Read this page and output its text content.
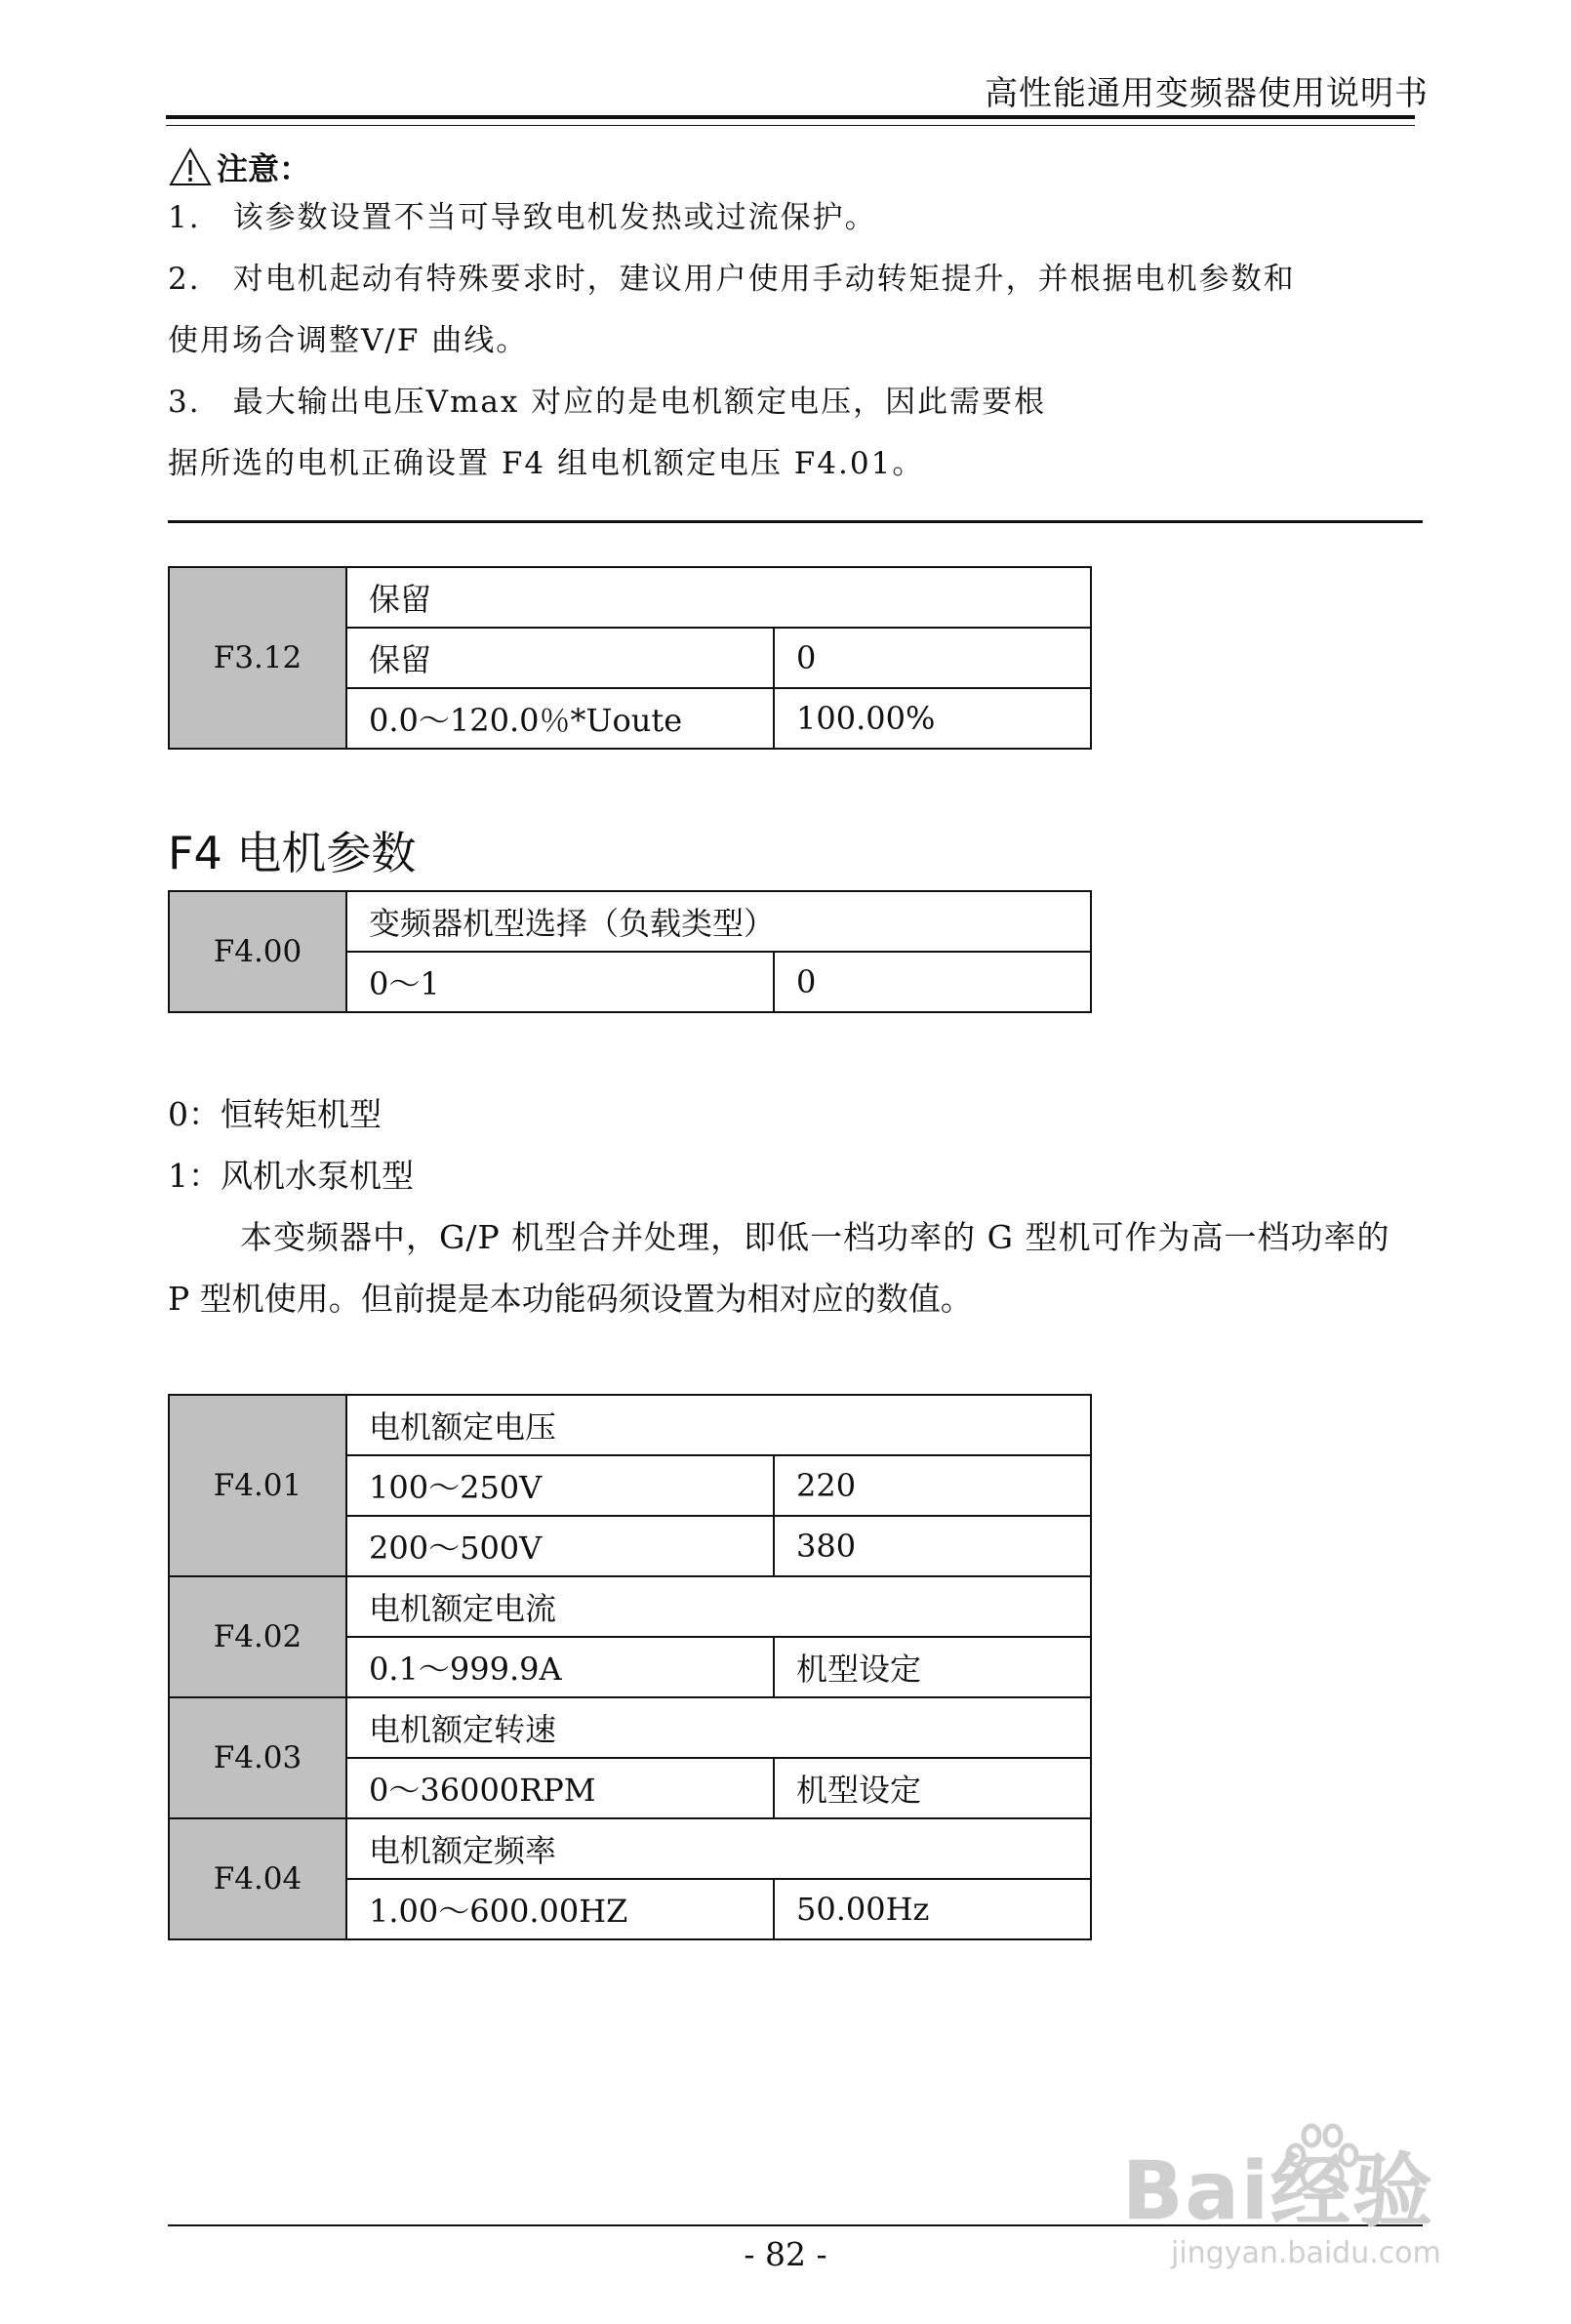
高性能通用变频器使用说明书
注意：
1.　该参数设置不当可导致电机发热或过流保护。
2.　对电机起动有特殊要求时，建议用户使用手动转矩提升，并根据电机参数和
使用场合调整V/F 曲线。
3.　最大输出电压Vmax 对应的是电机额定电压，因此需要根
据所选的电机正确设置 F4 组电机额定电压 F4.01。
F3.12	保留	
	保留	0
	0.0～120.0％*Uoute	100.00%
F4 电机参数
F4.00	变频器机型选择（负载类型）	
	0～1	0
0：恒转矩机型
1：风机水泵机型
本变频器中，G/P 机型合并处理，即低一档功率的 G 型机可作为高一档功率的
P 型机使用。但前提是本功能码须设置为相对应的数值。
F4.01	电机额定电压	
	100～250V	220
	200～500V	380
F4.02	电机额定电流	
	0.1～999.9A	机型设定
F4.03	电机额定转速	
	0～36000RPM	机型设定
F4.04	电机额定频率	
	1.00～600.00HZ	50.00Hz
- 82 -
Bai经验
jingyan.baidu.com
